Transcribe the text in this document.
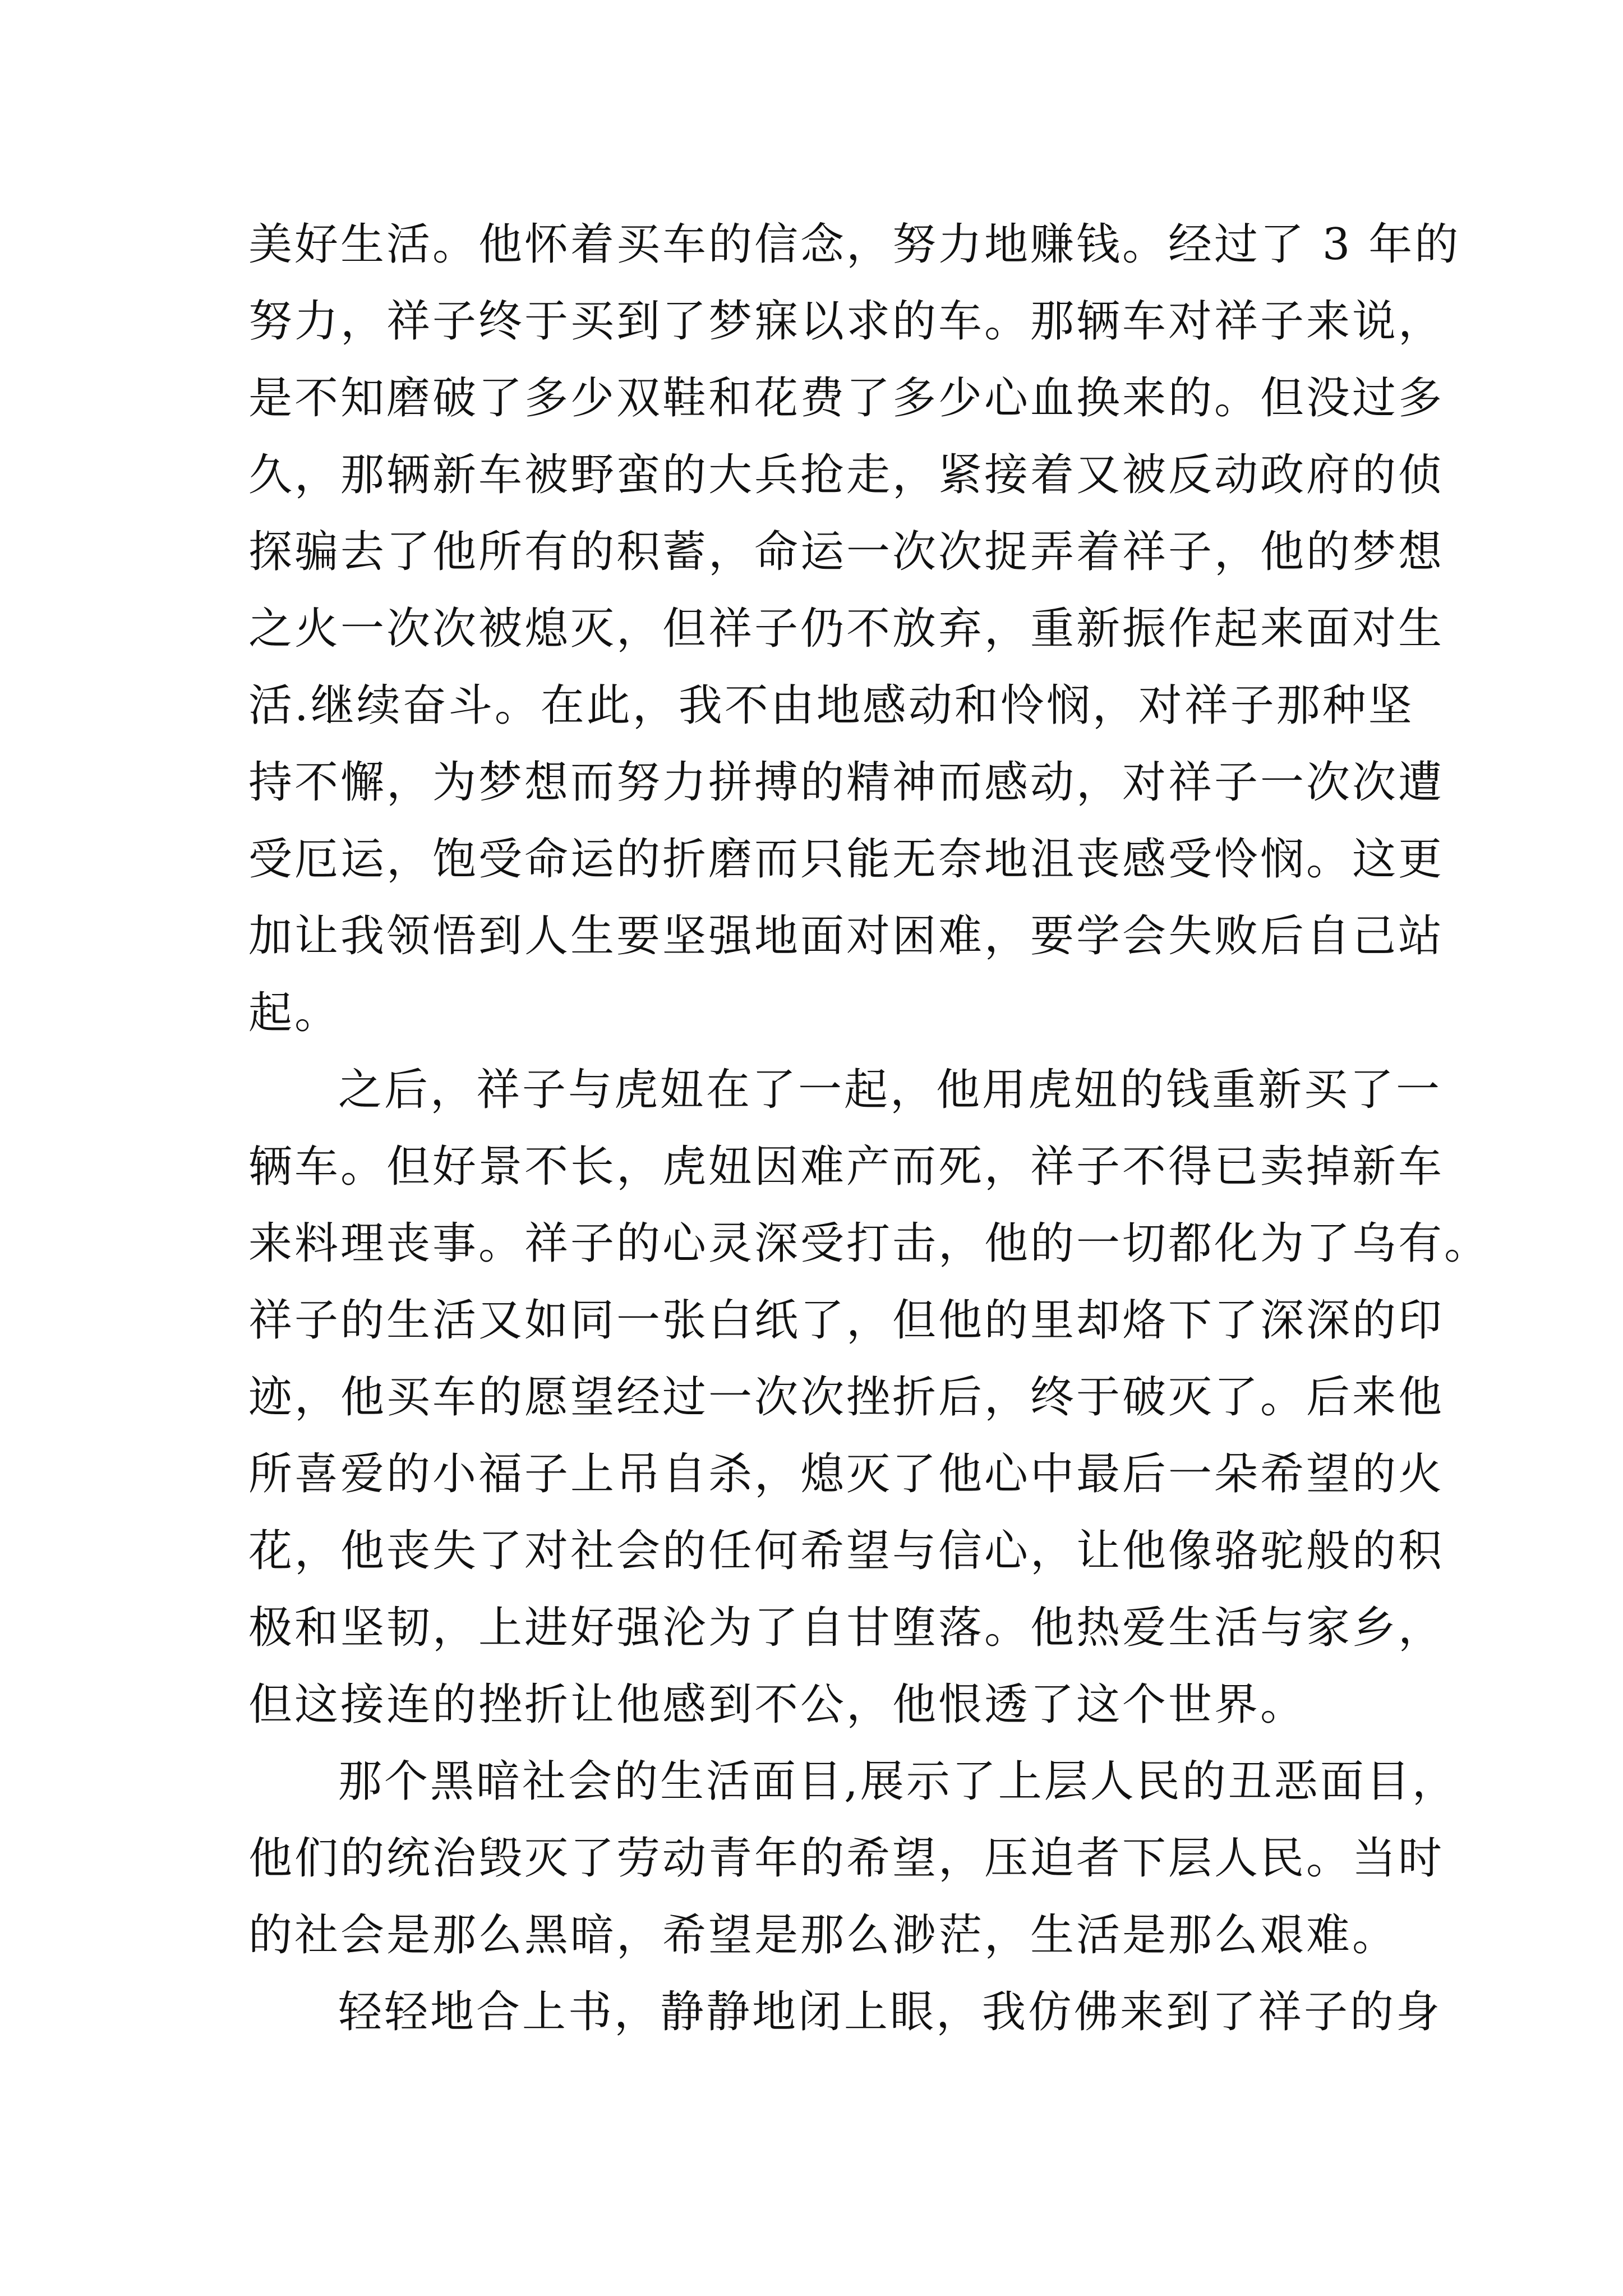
美好生活。他怀着买车的信念，努力地赚钱。经过了 3 年的
努力，祥子终于买到了梦寐以求的车。那辆车对祥子来说，
是不知磨破了多少双鞋和花费了多少心血换来的。但没过多
久，那辆新车被野蛮的大兵抢走，紧接着又被反动政府的侦
探骗去了他所有的积蓄，命运一次次捉弄着祥子，他的梦想
之火一次次被熄灭，但祥子仍不放弃，重新振作起来面对生
活.继续奋斗。在此，我不由地感动和怜悯，对祥子那种坚
持不懈，为梦想而努力拼搏的精神而感动，对祥子一次次遭
受厄运，饱受命运的折磨而只能无奈地沮丧感受怜悯。这更
加让我领悟到人生要坚强地面对困难，要学会失败后自己站
起。
之后，祥子与虎妞在了一起，他用虎妞的钱重新买了一
辆车。但好景不长，虎妞因难产而死，祥子不得已卖掉新车
来料理丧事。祥子的心灵深受打击，他的一切都化为了乌有。
祥子的生活又如同一张白纸了，但他的里却烙下了深深的印
迹，他买车的愿望经过一次次挫折后，终于破灭了。后来他
所喜爱的小福子上吊自杀，熄灭了他心中最后一朵希望的火
花，他丧失了对社会的任何希望与信心，让他像骆驼般的积
极和坚韧，上进好强沦为了自甘堕落。他热爱生活与家乡，
但这接连的挫折让他感到不公，他恨透了这个世界。
那个黑暗社会的生活面目,展示了上层人民的丑恶面目，
他们的统治毁灭了劳动青年的希望，压迫者下层人民。当时
的社会是那么黑暗，希望是那么渺茫，生活是那么艰难。
轻轻地合上书，静静地闭上眼，我仿佛来到了祥子的身
